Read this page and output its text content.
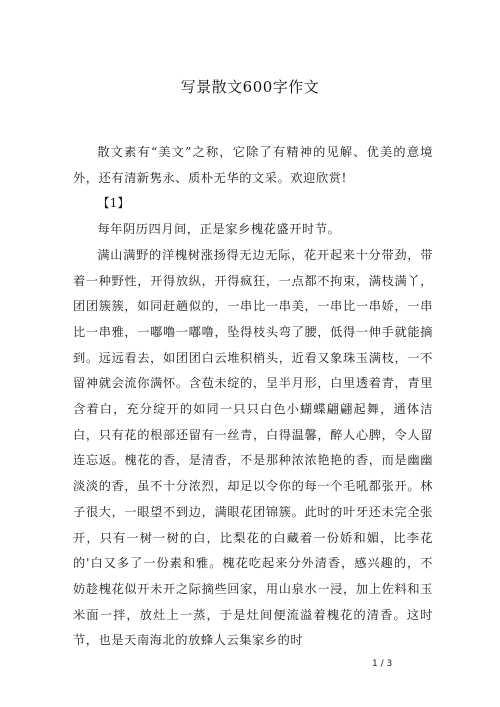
写景散文600字作文

散文素有“美文”之称，它除了有精神的见解、优美的意境外，还有清新隽永、质朴无华的文采。欢迎欣赏!

【1】

每年阴历四月间，正是家乡槐花盛开时节。

满山满野的洋槐树涨扬得无边无际，花开起来十分带劲，带着一种野性，开得放纵，开得疯狂，一点都不拘束，满枝满丫，团团簇簇，如同赶趟似的，一串比一串美，一串比一串娇，一串比一串雅，一嘟噜一嘟噜，坠得枝头弯了腰，低得一伸手就能摘到。远远看去，如团团白云堆积梢头，近看又象珠玉满枝，一不留神就会流你满怀。含苞未绽的，呈半月形，白里透着青，青里含着白，充分绽开的如同一只只白色小蝴蝶翩翩起舞，通体洁白，只有花的根部还留有一丝青，白得温馨，醉人心脾，令人留连忘返。槐花的香，是清香，不是那种浓浓艳艳的香，而是幽幽淡淡的香，虽不十分浓烈，却足以令你的每一个毛吼都张开。林子很大，一眼望不到边，满眼花团锦簇。此时的叶牙还未完全张开，只有一树一树的白，比梨花的白藏着一份娇和媚，比李花的'白又多了一份素和雅。槐花吃起来分外清香，感兴趣的，不妨趁槐花似开未开之际摘些回家，用山泉水一浸，加上佐料和玉米面一拌，放灶上一蒸，于是灶间便流溢着槐花的清香。这时节，也是天南海北的放蜂人云集家乡的时

1 / 3
